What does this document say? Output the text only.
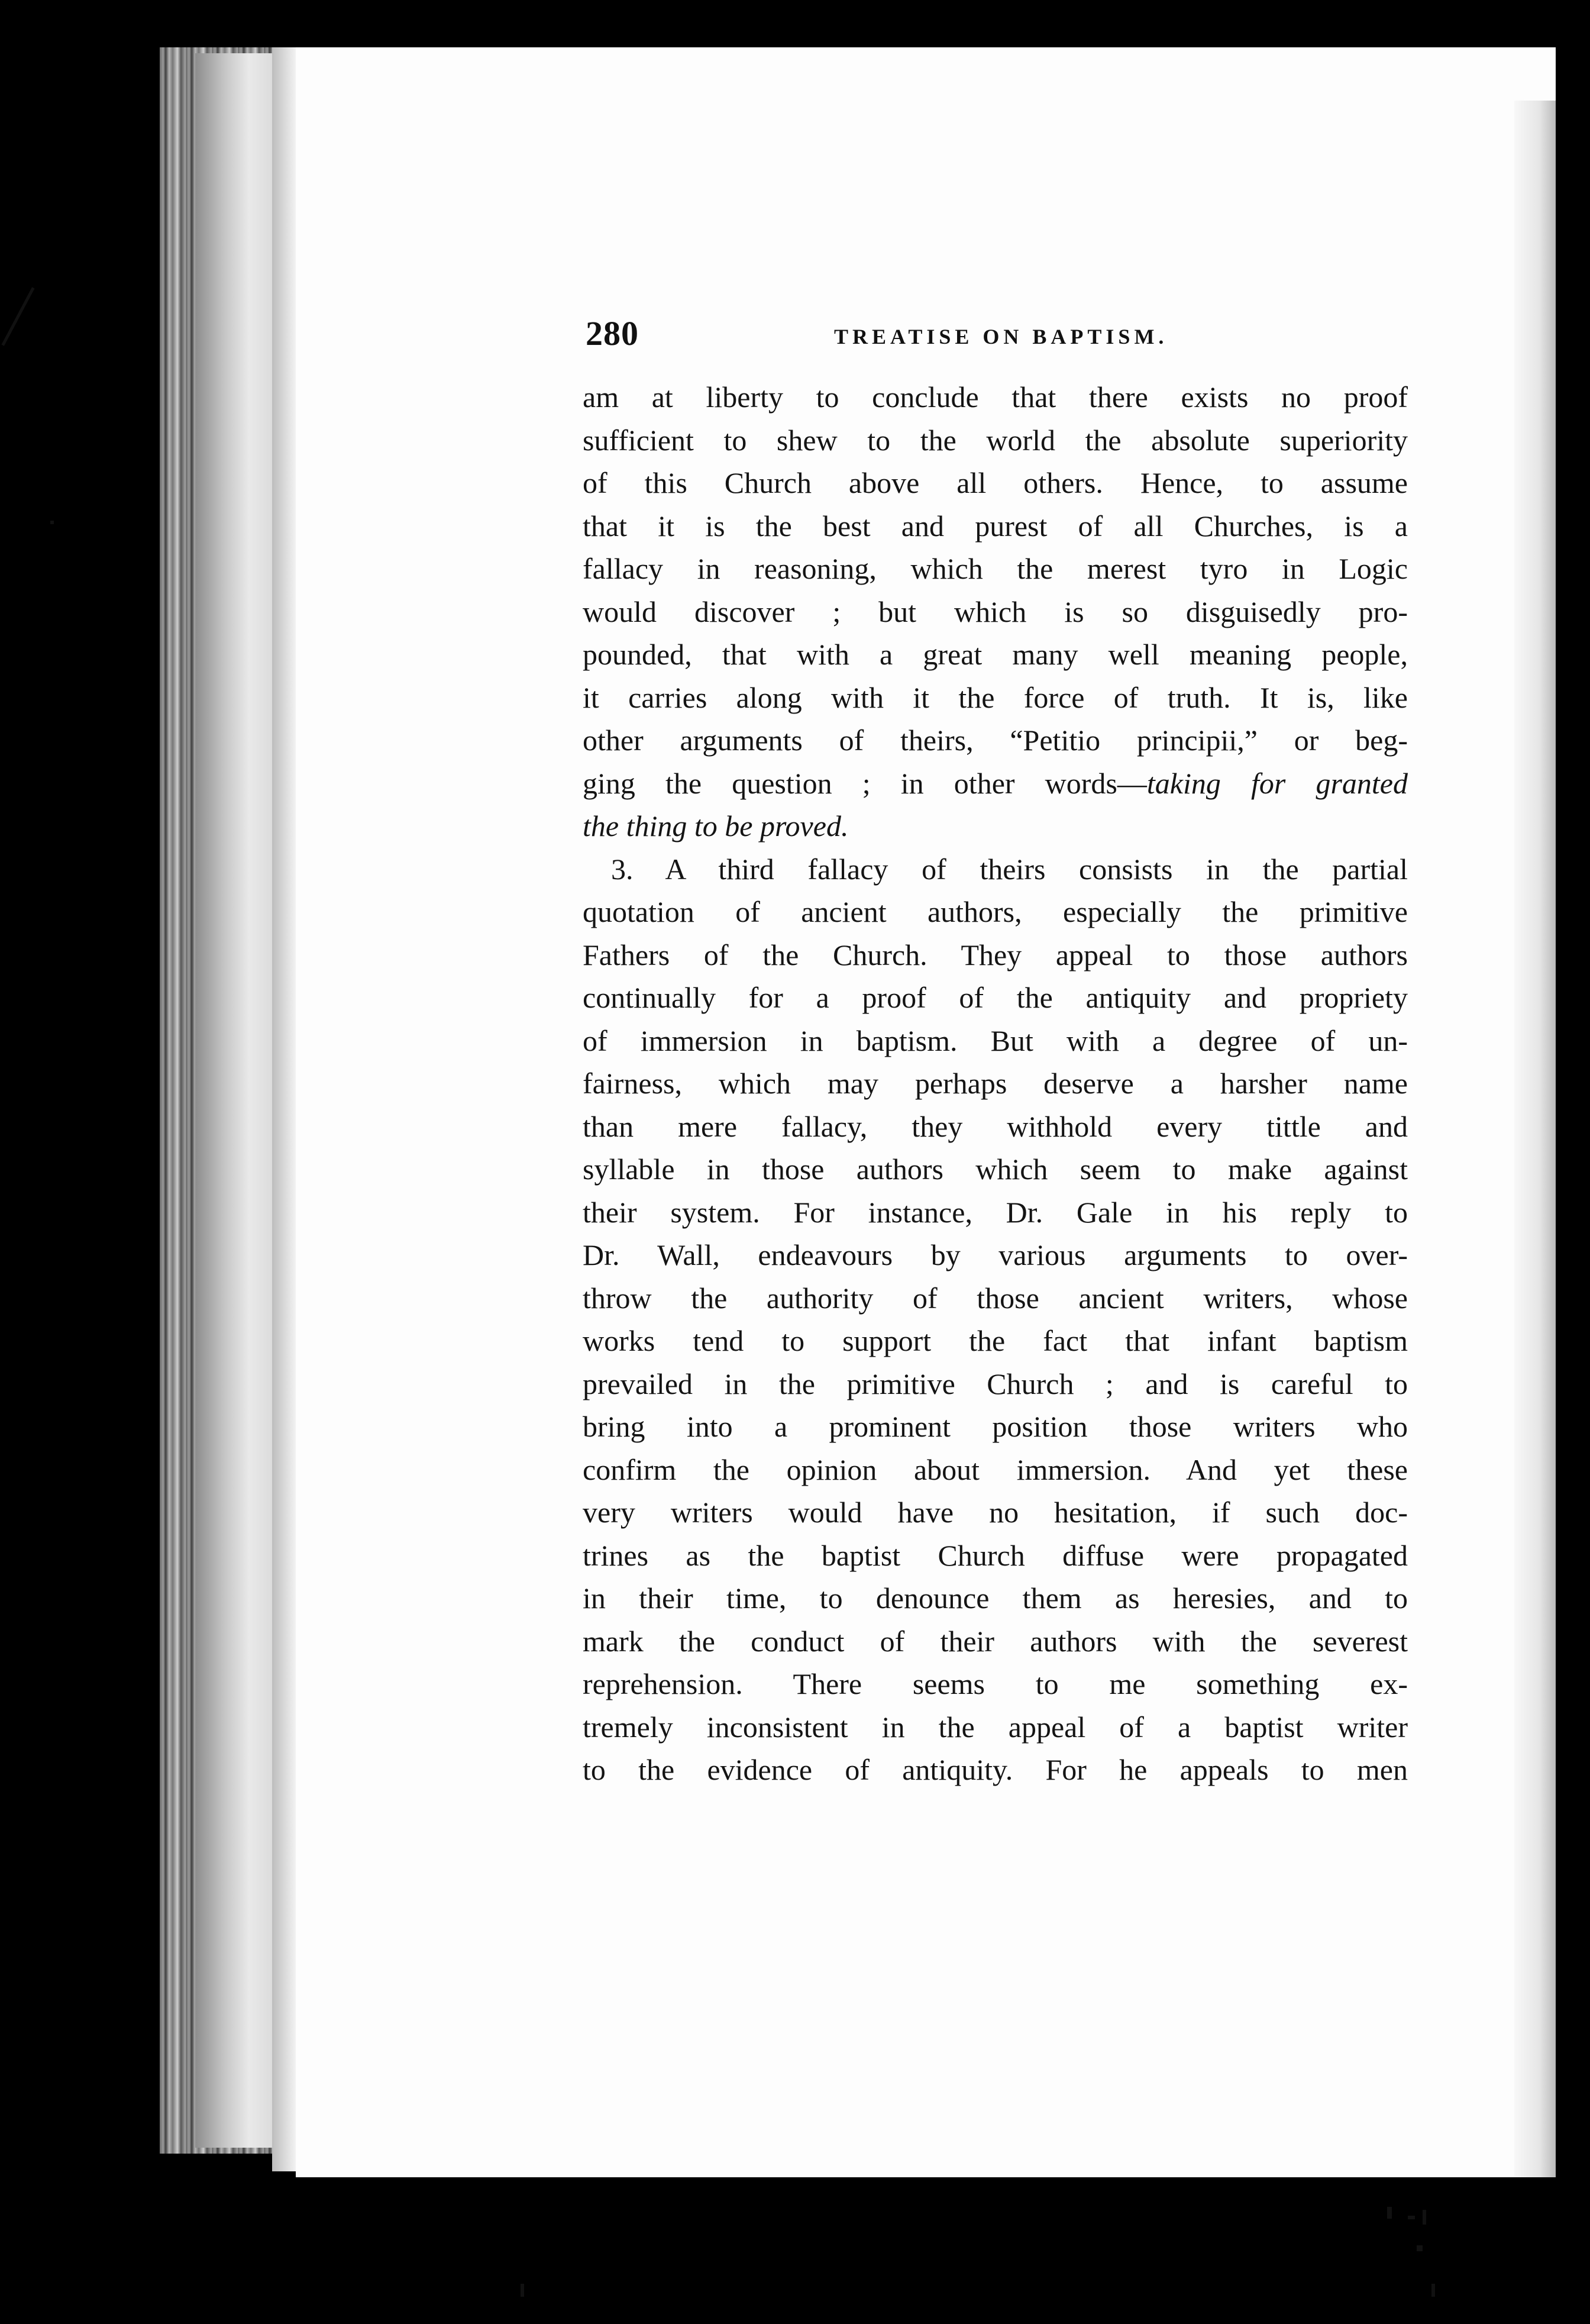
280	TREATISE ON BAPTISM.
am at liberty to conclude that there exists no proof
sufficient to shew to the world the absolute superiority
of this Church above all others. Hence, to assume
that it is the best and purest of all Churches, is a
fallacy in reasoning, which the merest tyro in Logic
would discover ; but which is so disguisedly pro-
pounded, that with a great many well meaning people,
it carries along with it the force of truth. It is, like
other arguments of theirs, “Petitio principii,” or beg-
ging the question ; in other words—taking for granted
the thing to be proved.
3. A third fallacy of theirs consists in the partial
quotation of ancient authors, especially the primitive
Fathers of the Church. They appeal to those authors
continually for a proof of the antiquity and propriety
of immersion in baptism. But with a degree of un-
fairness, which may perhaps deserve a harsher name
than mere fallacy, they withhold every tittle and
syllable in those authors which seem to make against
their system. For instance, Dr. Gale in his reply to
Dr. Wall, endeavours by various arguments to over-
throw the authority of those ancient writers, whose
works tend to support the fact that infant baptism
prevailed in the primitive Church ; and is careful to
bring into a prominent position those writers who
confirm the opinion about immersion. And yet these
very writers would have no hesitation, if such doc-
trines as the baptist Church diffuse were propagated
in their time, to denounce them as heresies, and to
mark the conduct of their authors with the severest
reprehension. There seems to me something ex-
tremely inconsistent in the appeal of a baptist writer
to the evidence of antiquity. For he appeals to men
